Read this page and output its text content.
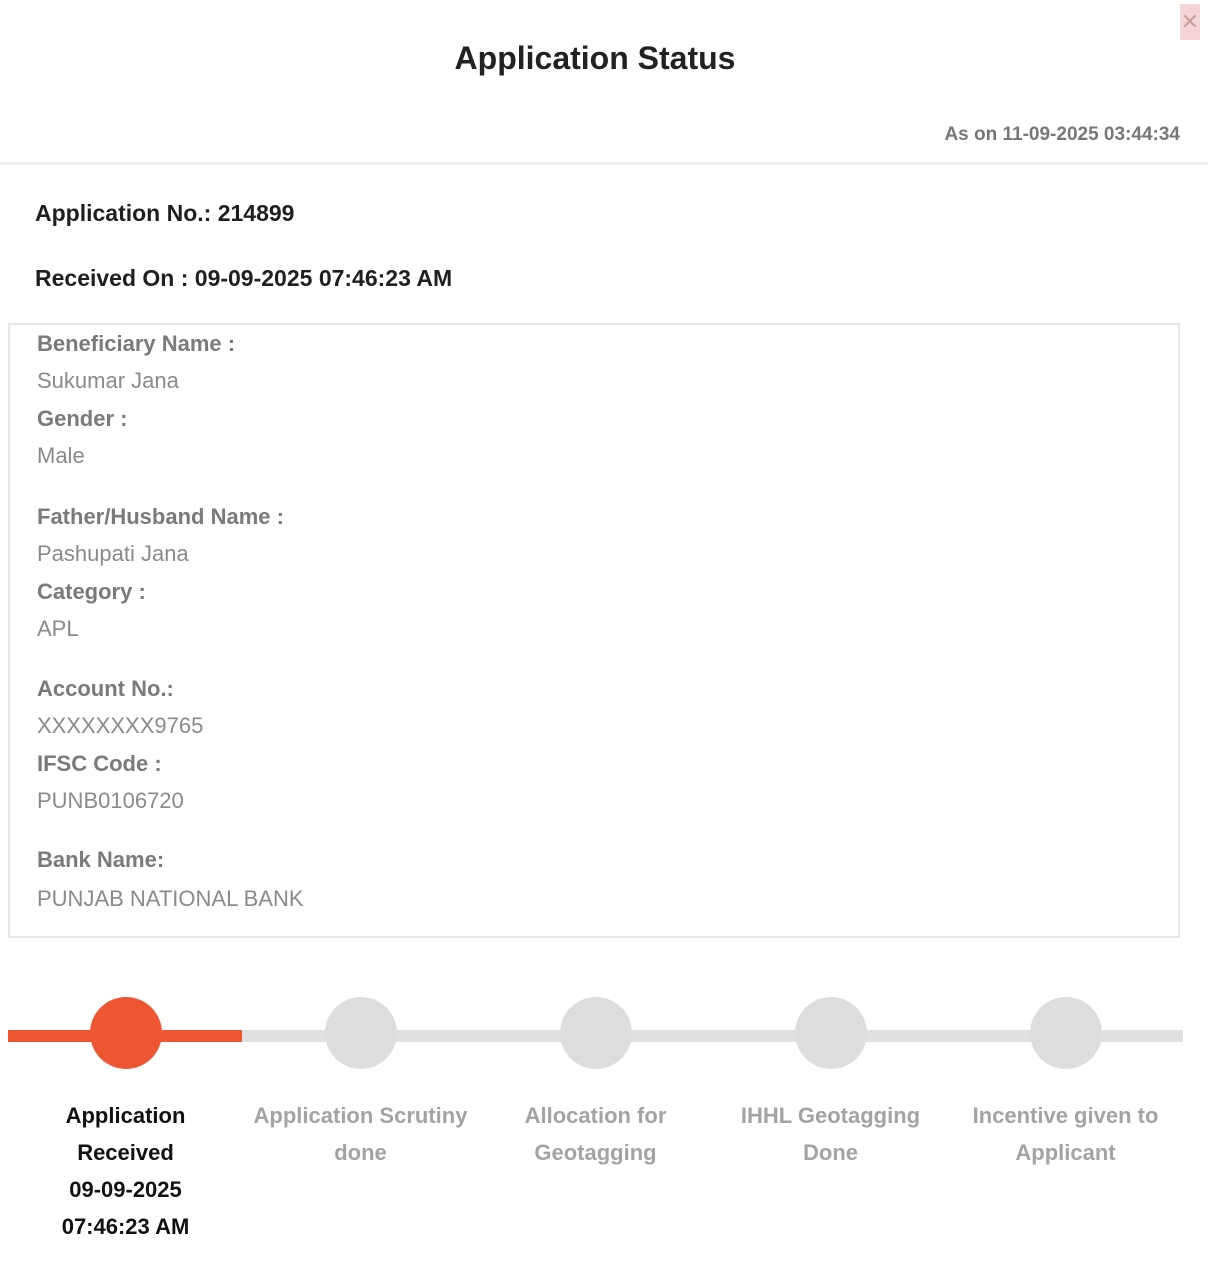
✕
Application Status
As on 11-09-2025 03:44:34
Application No.: 214899
Received On : 09-09-2025 07:46:23 AM
Beneficiary Name :
Sukumar Jana
Gender :
Male
Father/Husband Name :
Pashupati Jana
Category :
APL
Account No.:
XXXXXXXX9765
IFSC Code :
PUNB0106720
Bank Name:
PUNJAB NATIONAL BANK
Application
Received
09-09-2025
07:46:23 AM
Application Scrutiny
done
Allocation for
Geotagging
IHHL Geotagging
Done
Incentive given to
Applicant
